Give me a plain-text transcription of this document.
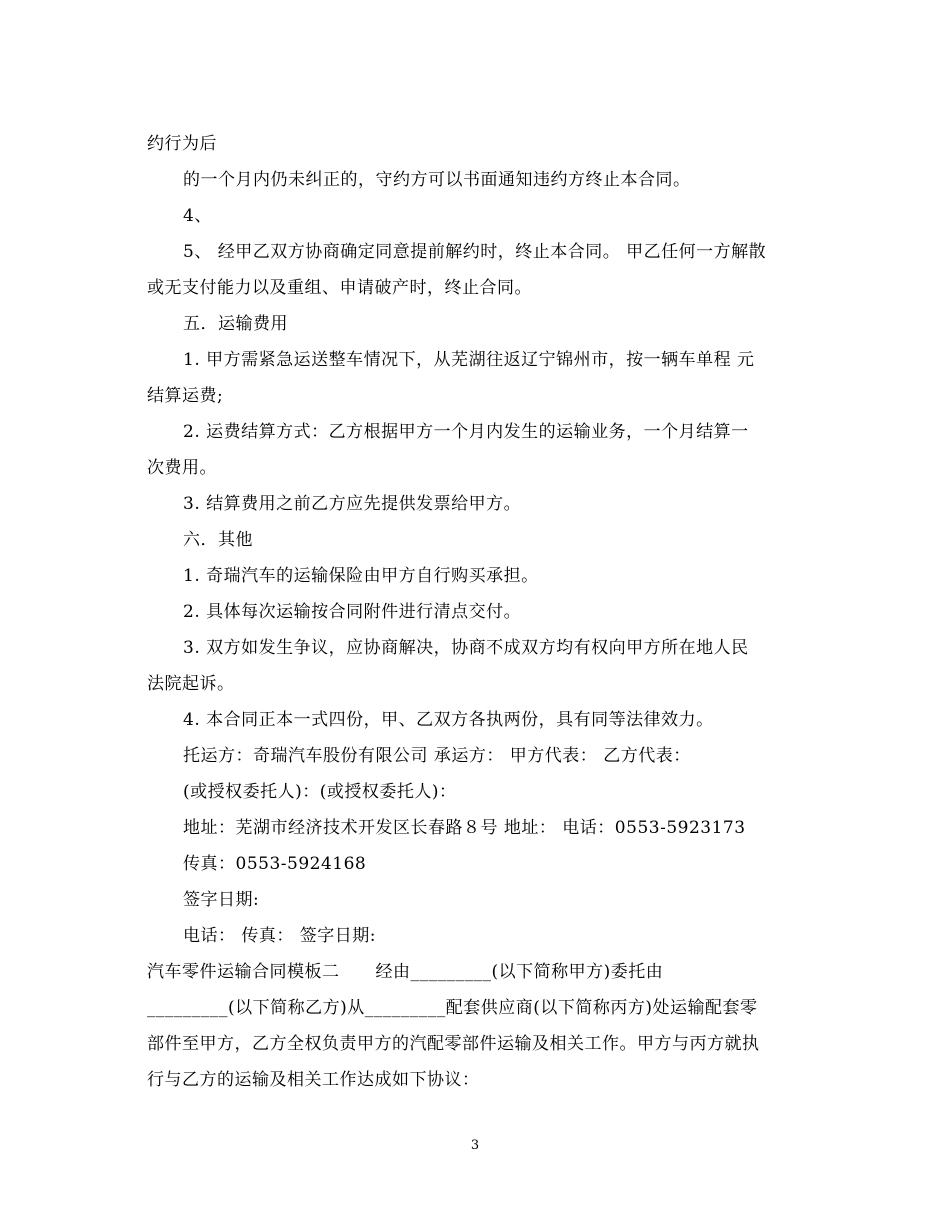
约行为后
的一个月内仍未纠正的，守约方可以书面通知违约方终止本合同。
4、
5、 经甲乙双方协商确定同意提前解约时，终止本合同。 甲乙任何一方解散
或无支付能力以及重组、申请破产时，终止合同。
五．运输费用
1. 甲方需紧急运送整车情况下，从芜湖往返辽宁锦州市，按一辆车单程 元
结算运费;
2. 运费结算方式：乙方根据甲方一个月内发生的运输业务，一个月结算一
次费用。
3. 结算费用之前乙方应先提供发票给甲方。
六．其他
1. 奇瑞汽车的运输保险由甲方自行购买承担。
2. 具体每次运输按合同附件进行清点交付。
3. 双方如发生争议，应协商解决，协商不成双方均有权向甲方所在地人民
法院起诉。
4. 本合同正本一式四份，甲、乙双方各执两份，具有同等法律效力。
托运方：奇瑞汽车股份有限公司 承运方： 甲方代表： 乙方代表：
(或授权委托人)：(或授权委托人)：
地址：芜湖市经济技术开发区长春路８号 地址： 电话：0553-5923173
传真：0553-5924168
签字日期:
电话： 传真： 签字日期:
汽车零件运输合同模板二 经由_________(以下简称甲方)委托由
_________(以下简称乙方)从_________配套供应商(以下简称丙方)处运输配套零
部件至甲方，乙方全权负责甲方的汽配零部件运输及相关工作。甲方与丙方就执
行与乙方的运输及相关工作达成如下协议：
3
